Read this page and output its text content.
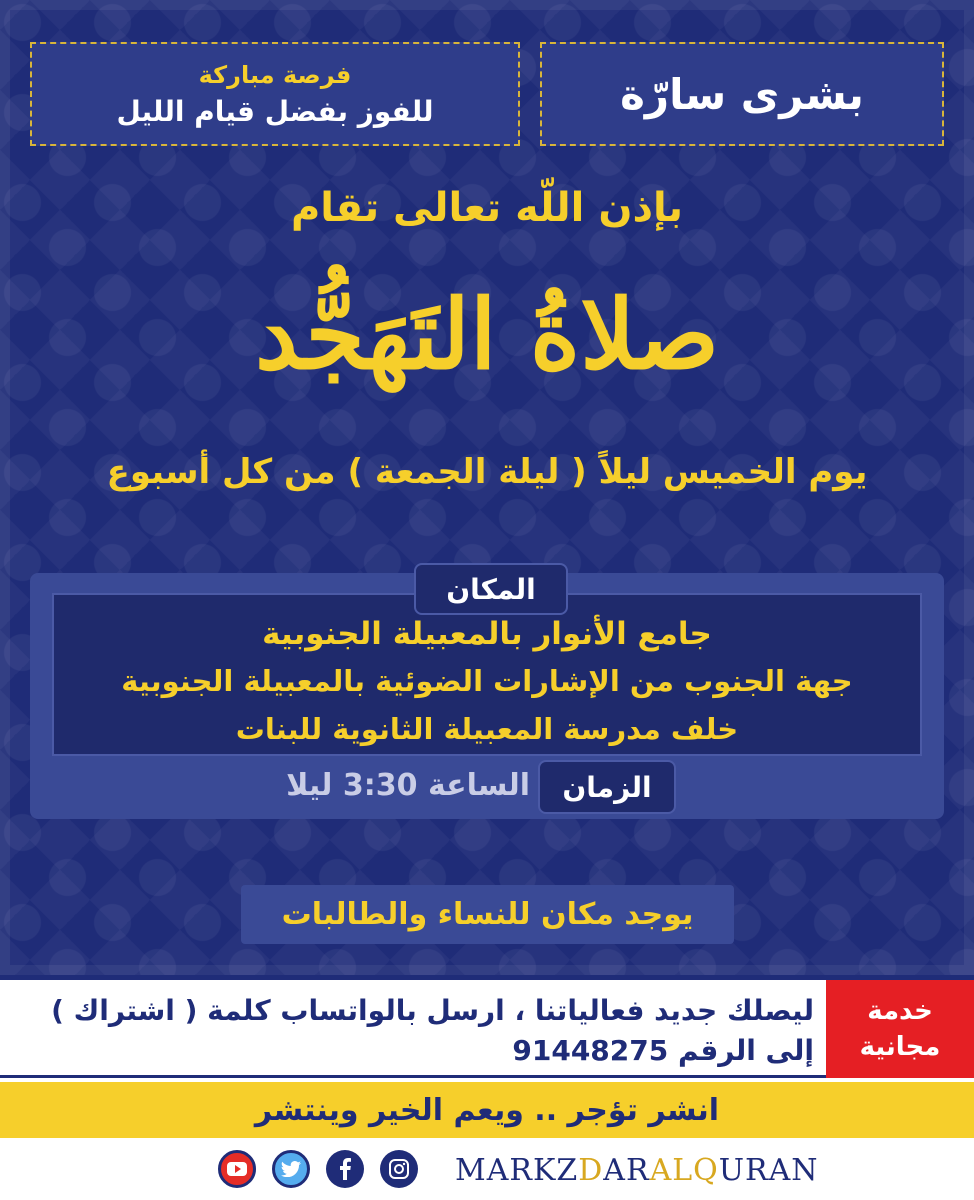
بشرى سارّة
فرصة مباركة
للفوز بفضل قيام الليل
بإذن اللّه تعالى تقام
صلاةُ التَهَجُّد
يوم الخميس ليلاً ( ليلة الجمعة ) من كل أسبوع
المكان
جامع الأنوار بالمعبيلة الجنوبية
جهة الجنوب من الإشارات الضوئية بالمعبيلة الجنوبية
خلف مدرسة المعبيلة الثانوية للبنات
الزمان
الساعة 3:30 ليلا
يوجد مكان للنساء والطالبات
ليصلك جديد فعالياتنا ، ارسل بالواتساب كلمة ( اشتراك )
إلى الرقم 91448275
خدمة
مجانية
انشر تؤجر .. ويعم الخير وينتشر
MARKZ D AR AL Q URAN
